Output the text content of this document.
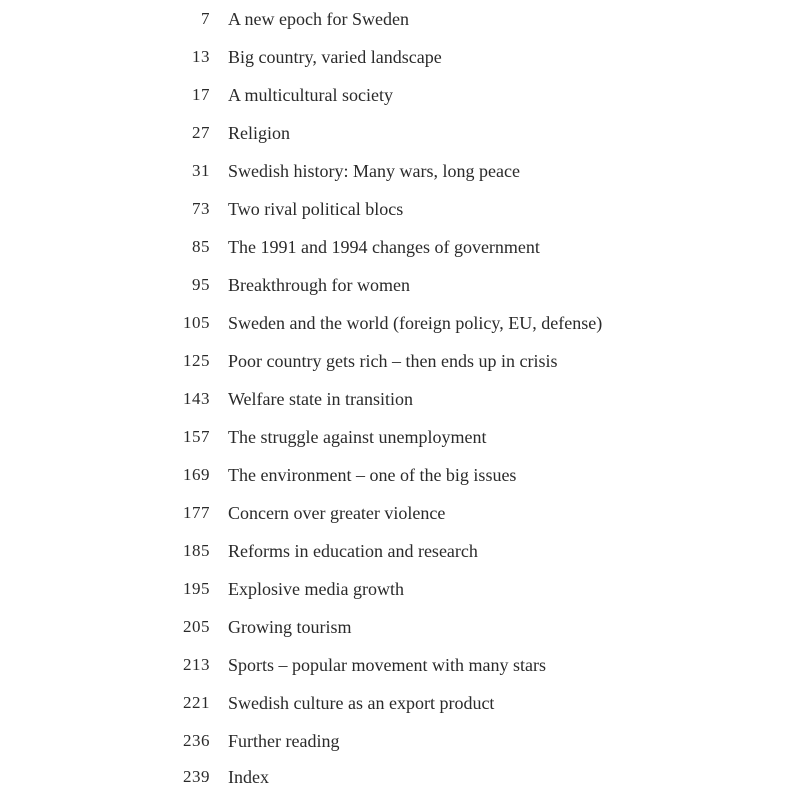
7 A new epoch for Sweden
13 Big country, varied landscape
17 A multicultural society
27 Religion
31 Swedish history: Many wars, long peace
73 Two rival political blocs
85 The 1991 and 1994 changes of government
95 Breakthrough for women
105 Sweden and the world (foreign policy, EU, defense)
125 Poor country gets rich – then ends up in crisis
143 Welfare state in transition
157 The struggle against unemployment
169 The environment – one of the big issues
177 Concern over greater violence
185 Reforms in education and research
195 Explosive media growth
205 Growing tourism
213 Sports – popular movement with many stars
221 Swedish culture as an export product
236 Further reading
239 Index
